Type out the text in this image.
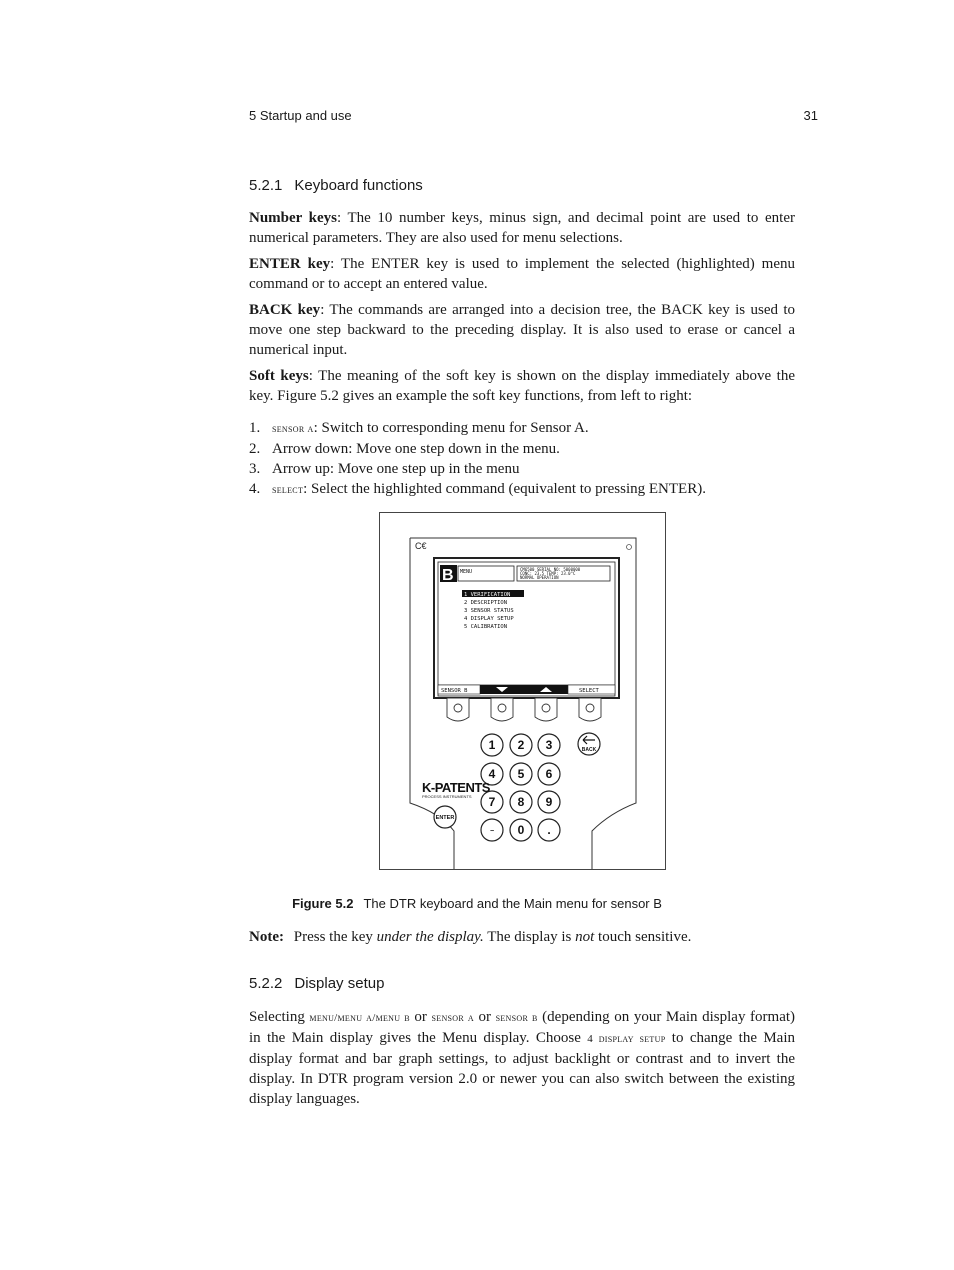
5 Startup and use	31
5.2.1 Keyboard functions

Number keys: The 10 number keys, minus sign, and decimal point are used to enter numerical parameters. They are also used for menu selections.

ENTER key: The ENTER key is used to implement the selected (highlighted) menu command or to accept an entered value.

BACK key: The commands are arranged into a decision tree, the BACK key is used to move one step backward to the preceding display. It is also used to erase or cancel a numerical input.

Soft keys: The meaning of the soft key is shown on the display immediately above the key. Figure 5.2 gives an example the soft key functions, from left to right:

1.	sensor a: Switch to corresponding menu for Sensor A.
2. Arrow down: Move one step down in the menu.
3. Arrow up: Move one step up in the menu
4.	select: Select the highlighted command (equivalent to pressing ENTER).
C€
B MENU	CM6500 SERIAL NO: 5000000
CONC: 23.5 TEMP: 23.0°C
NORMAL OPERATION
1 VERIFICATION
2 DESCRIPTION
3 SENSOR STATUS
4 DISPLAY SETUP
5 CALIBRATION
SENSOR B	SELECT
1 2 3
4 5 6
7 8 9
− 0 .
BACK
ENTER
K-PATENTS
PROCESS INSTRUMENTS
Figure 5.2 The DTR keyboard and the Main menu for sensor B
Note: Press the key under the display. The display is not touch sensitive.
5.2.2 Display setup
Selecting menu/menu a/menu b or sensor a or sensor b (depending on your Main display format) in the Main display gives the Menu display. Choose 4 display setup to change the Main display format and bar graph settings, to adjust backlight or contrast and to invert the display. In DTR program version 2.0 or newer you can also switch between the existing display languages.
